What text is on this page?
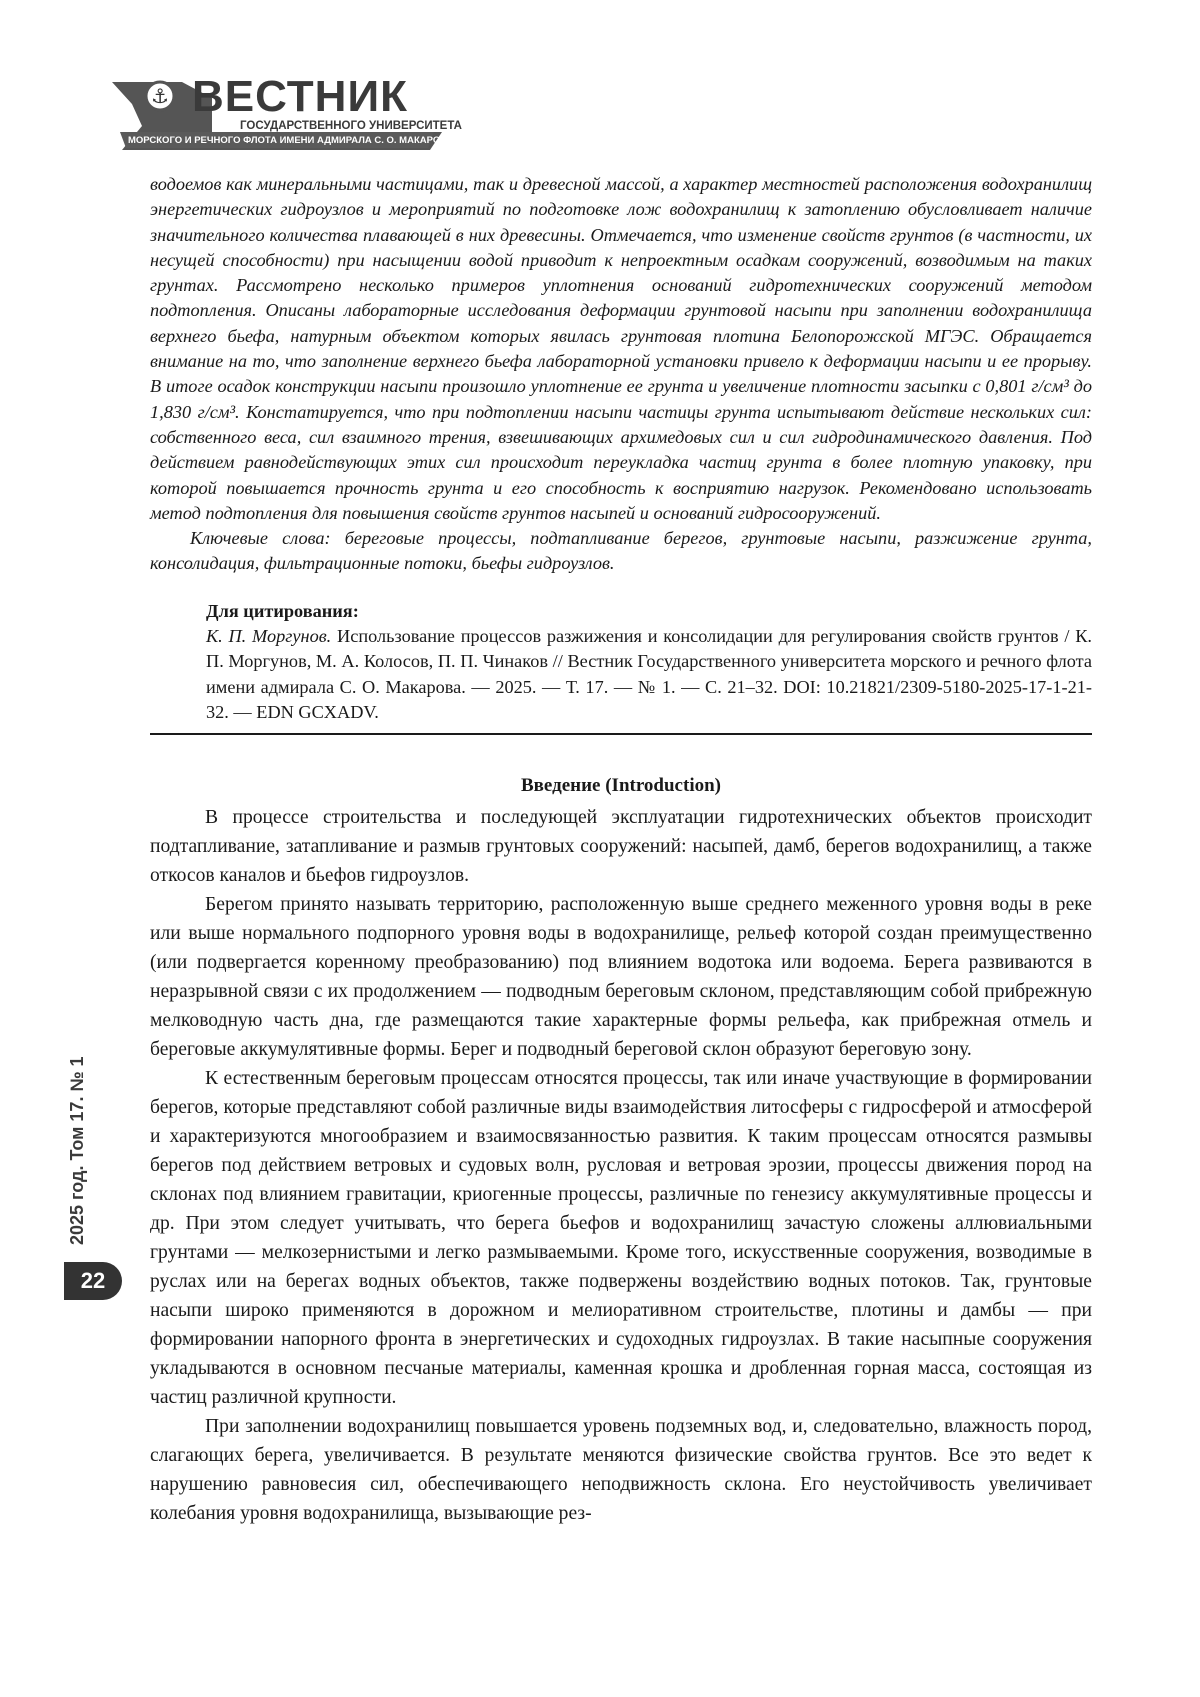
⚓ ВЕСТНИК
ГОСУДАРСТВЕННОГО УНИВЕРСИТЕТА
МОРСКОГО И РЕЧНОГО ФЛОТА ИМЕНИ АДМИРАЛА С. О. МАКАРОВА

водоемов как минеральными частицами, так и древесной массой, а характер местностей расположения водохранилищ энергетических гидроузлов и мероприятий по подготовке лож водохранилищ к затоплению обусловливает наличие значительного количества плавающей в них древесины. Отмечается, что изменение свойств грунтов (в частности, их несущей способности) при насыщении водой приводит к непроектным осадкам сооружений, возводимым на таких грунтах. Рассмотрено несколько примеров уплотнения оснований гидротехнических сооружений методом подтопления. Описаны лабораторные исследования деформации грунтовой насыпи при заполнении водохранилища верхнего бьефа, натурным объектом которых явилась грунтовая плотина Белопорожской МГЭС. Обращается внимание на то, что заполнение верхнего бьефа лабораторной установки привело к деформации насыпи и ее прорыву. В итоге осадок конструкции насыпи произошло уплотнение ее грунта и увеличение плотности засыпки с 0,801 г/см³ до 1,830 г/см³. Констатируется, что при подтоплении насыпи частицы грунта испытывают действие нескольких сил: собственного веса, сил взаимного трения, взвешивающих архимедовых сил и сил гидродинамического давления. Под действием равнодействующих этих сил происходит переукладка частиц грунта в более плотную упаковку, при которой повышается прочность грунта и его способность к восприятию нагрузок. Рекомендовано использовать метод подтопления для повышения свойств грунтов насыпей и оснований гидросооружений.

Ключевые слова: береговые процессы, подтапливание берегов, грунтовые насыпи, разжижение грунта, консолидация, фильтрационные потоки, бьефы гидроузлов.

Для цитирования:

К. П. Моргунов. Использование процессов разжижения и консолидации для регулирования свойств грунтов / К. П. Моргунов, М. А. Колосов, П. П. Чинаков // Вестник Государственного университета морского и речного флота имени адмирала С. О. Макарова. — 2025. — Т. 17. — № 1. — С. 21–32. DOI: 10.21821/2309-5180-2025-17-1-21-32. — EDN GCXADV.

Введение (Introduction)

В процессе строительства и последующей эксплуатации гидротехнических объектов происходит подтапливание, затапливание и размыв грунтовых сооружений: насыпей, дамб, берегов водохранилищ, а также откосов каналов и бьефов гидроузлов.

Берегом принято называть территорию, расположенную выше среднего меженного уровня воды в реке или выше нормального подпорного уровня воды в водохранилище, рельеф которой создан преимущественно (или подвергается коренному преобразованию) под влиянием водотока или водоема. Берега развиваются в неразрывной связи с их продолжением — подводным береговым склоном, представляющим собой прибрежную мелководную часть дна, где размещаются такие характерные формы рельефа, как прибрежная отмель и береговые аккумулятивные формы. Берег и подводный береговой склон образуют береговую зону.

К естественным береговым процессам относятся процессы, так или иначе участвующие в формировании берегов, которые представляют собой различные виды взаимодействия литосферы с гидросферой и атмосферой и характеризуются многообразием и взаимосвязанностью развития. К таким процессам относятся размывы берегов под действием ветровых и судовых волн, русловая и ветровая эрозии, процессы движения пород на склонах под влиянием гравитации, криогенные процессы, различные по генезису аккумулятивные процессы и др. При этом следует учитывать, что берега бьефов и водохранилищ зачастую сложены аллювиальными грунтами — мелкозернистыми и легко размываемыми. Кроме того, искусственные сооружения, возводимые в руслах или на берегах водных объектов, также подвержены воздействию водных потоков. Так, грунтовые насыпи широко применяются в дорожном и мелиоративном строительстве, плотины и дамбы — при формировании напорного фронта в энергетических и судоходных гидроузлах. В такие насыпные сооружения укладываются в основном песчаные материалы, каменная крошка и дробленная горная масса, состоящая из частиц различной крупности.

При заполнении водохранилищ повышается уровень подземных вод, и, следовательно, влажность пород, слагающих берега, увеличивается. В результате меняются физические свойства грунтов. Все это ведет к нарушению равновесия сил, обеспечивающего неподвижность склона. Его неустойчивость увеличивает колебания уровня водохранилища, вызывающие рез-

2025 год. Том 17. № 1
22
